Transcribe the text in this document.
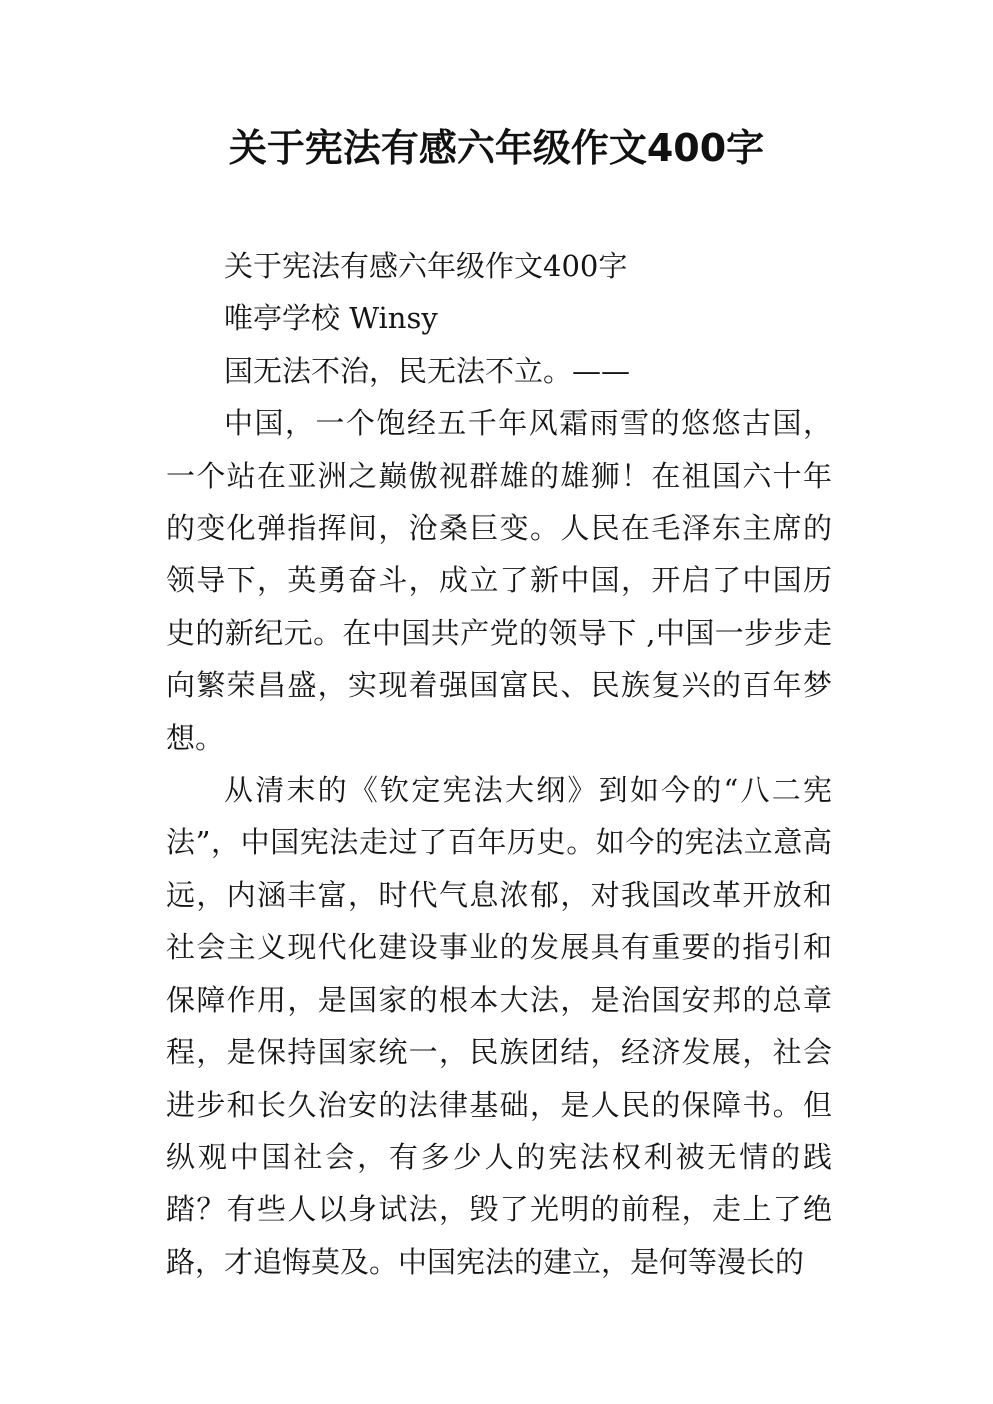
关于宪法有感六年级作文400字

关于宪法有感六年级作文400字

唯亭学校 Winsy

国无法不治，民无法不立。——

中国，一个饱经五千年风霜雨雪的悠悠古国，一个站在亚洲之巅傲视群雄的雄狮！在祖国六十年的变化弹指挥间，沧桑巨变。人民在毛泽东主席的领导下，英勇奋斗，成立了新中国，开启了中国历史的新纪元。在中国共产党的领导下 ,中国一步步走向繁荣昌盛，实现着强国富民、民族复兴的百年梦想。

从清末的《钦定宪法大纲》到如今的“八二宪法”，中国宪法走过了百年历史。如今的宪法立意高远，内涵丰富，时代气息浓郁，对我国改革开放和社会主义现代化建设事业的发展具有重要的指引和保障作用，是国家的根本大法，是治国安邦的总章程，是保持国家统一，民族团结，经济发展，社会进步和长久治安的法律基础，是人民的保障书。但纵观中国社会，有多少人的宪法权利被无情的践踏？有些人以身试法，毁了光明的前程，走上了绝路，才追悔莫及。中国宪法的建立，是何等漫长的
